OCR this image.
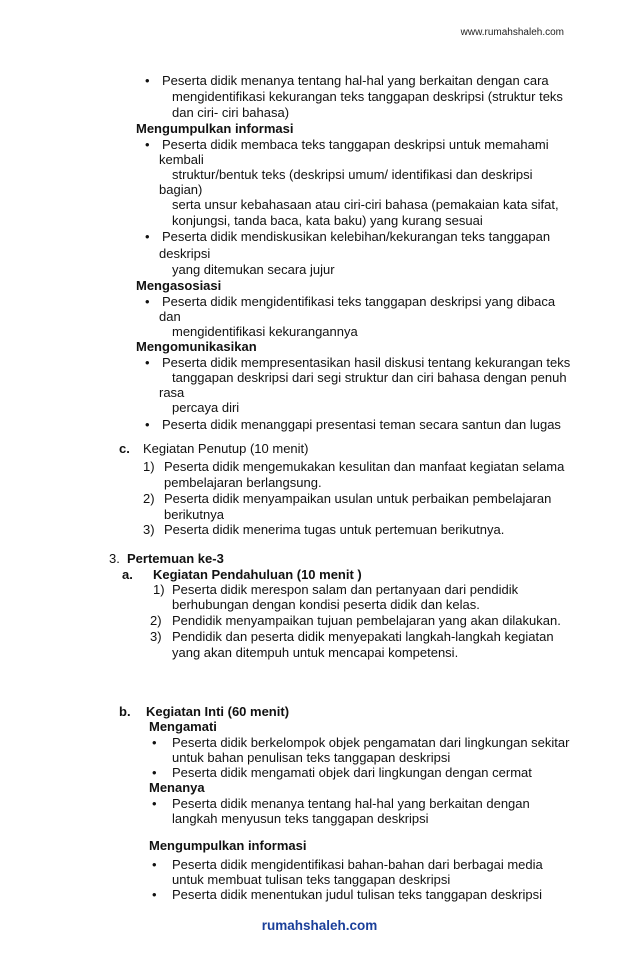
www.rumahshaleh.com
• Peserta didik menanya tentang hal-hal yang berkaitan dengan cara
mengidentifikasi kekurangan teks tanggapan deskripsi (struktur teks
dan ciri- ciri bahasa)
Mengumpulkan informasi
• Peserta didik membaca teks tanggapan deskripsi untuk memahami
kembali
struktur/bentuk teks (deskripsi umum/ identifikasi dan deskripsi
bagian)
serta unsur kebahasaan atau ciri-ciri bahasa (pemakaian kata sifat,
konjungsi, tanda baca, kata baku) yang kurang sesuai
• Peserta didik mendiskusikan kelebihan/kekurangan teks tanggapan
deskripsi
yang ditemukan secara jujur
Mengasosiasi
• Peserta didik mengidentifikasi teks tanggapan deskripsi yang dibaca
dan
mengidentifikasi kekurangannya
Mengomunikasikan
• Peserta didik mempresentasikan hasil diskusi tentang kekurangan teks
tanggapan deskripsi dari segi struktur dan ciri bahasa dengan penuh
rasa
percaya diri
• Peserta didik menanggapi presentasi teman secara santun dan lugas
c. Kegiatan Penutup (10 menit)
1) Peserta didik mengemukakan kesulitan dan manfaat kegiatan selama
pembelajaran berlangsung.
2) Peserta didik menyampaikan usulan untuk perbaikan pembelajaran
berikutnya
3) Peserta didik menerima tugas untuk pertemuan berikutnya.
3. Pertemuan ke-3
a. Kegiatan Pendahuluan (10 menit )
1) Peserta didik merespon salam dan pertanyaan dari pendidik
berhubungan dengan kondisi peserta didik dan kelas.
2) Pendidik menyampaikan tujuan pembelajaran yang akan dilakukan.
3) Pendidik dan peserta didik menyepakati langkah-langkah kegiatan
yang akan ditempuh untuk mencapai kompetensi.
b. Kegiatan Inti (60 menit)
Mengamati
• Peserta didik berkelompok objek pengamatan dari lingkungan sekitar
untuk bahan penulisan teks tanggapan deskripsi
• Peserta didik mengamati objek dari lingkungan dengan cermat
Menanya
• Peserta didik menanya tentang hal-hal yang berkaitan dengan
langkah menyusun teks tanggapan deskripsi
Mengumpulkan informasi
• Peserta didik mengidentifikasi bahan-bahan dari berbagai media
untuk membuat tulisan teks tanggapan deskripsi
• Peserta didik menentukan judul tulisan teks tanggapan deskripsi
rumahshaleh.com
